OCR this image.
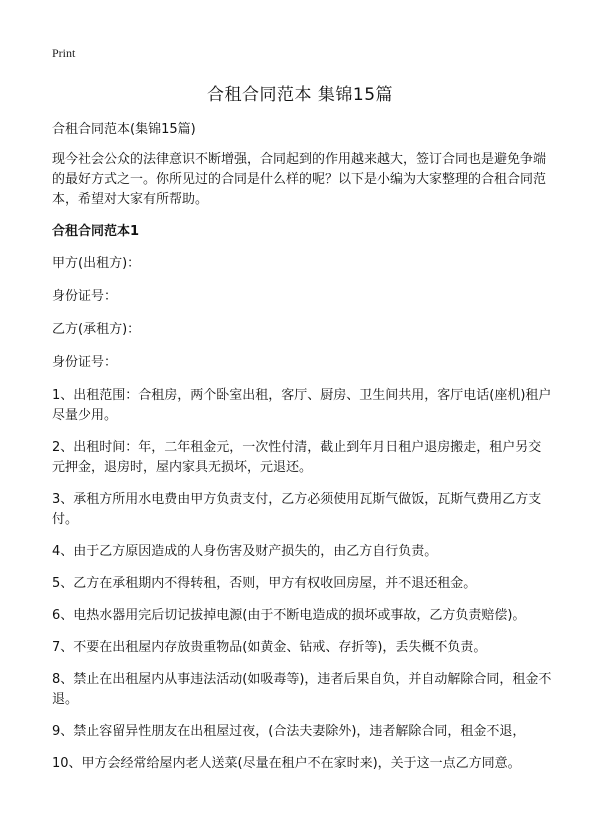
Print
合租合同范本 集锦15篇

合租合同范本(集锦15篇)

现今社会公众的法律意识不断增强，合同起到的作用越来越大，签订合同也是避免争端的最好方式之一。你所见过的合同是什么样的呢？以下是小编为大家整理的合租合同范本，希望对大家有所帮助。

合租合同范本1

甲方(出租方)：

身份证号：

乙方(承租方)：

身份证号：

1、出租范围：合租房，两个卧室出租，客厅、厨房、卫生间共用，客厅电话(座机)租户尽量少用。

2、出租时间：年，二年租金元，一次性付清，截止到年月日租户退房搬走，租户另交元押金，退房时，屋内家具无损坏，元退还。

3、承租方所用水电费由甲方负责支付，乙方必须使用瓦斯气做饭，瓦斯气费用乙方支付。

4、由于乙方原因造成的人身伤害及财产损失的，由乙方自行负责。

5、乙方在承租期内不得转租，否则，甲方有权收回房屋，并不退还租金。

6、电热水器用完后切记拔掉电源(由于不断电造成的损坏或事故，乙方负责赔偿)。

7、不要在出租屋内存放贵重物品(如黄金、钻戒、存折等)，丢失概不负责。

8、禁止在出租屋内从事违法活动(如吸毒等)，违者后果自负，并自动解除合同，租金不退。

9、禁止容留异性朋友在出租屋过夜，(合法夫妻除外)，违者解除合同，租金不退，

10、甲方会经常给屋内老人送菜(尽量在租户不在家时来)，关于这一点乙方同意。
